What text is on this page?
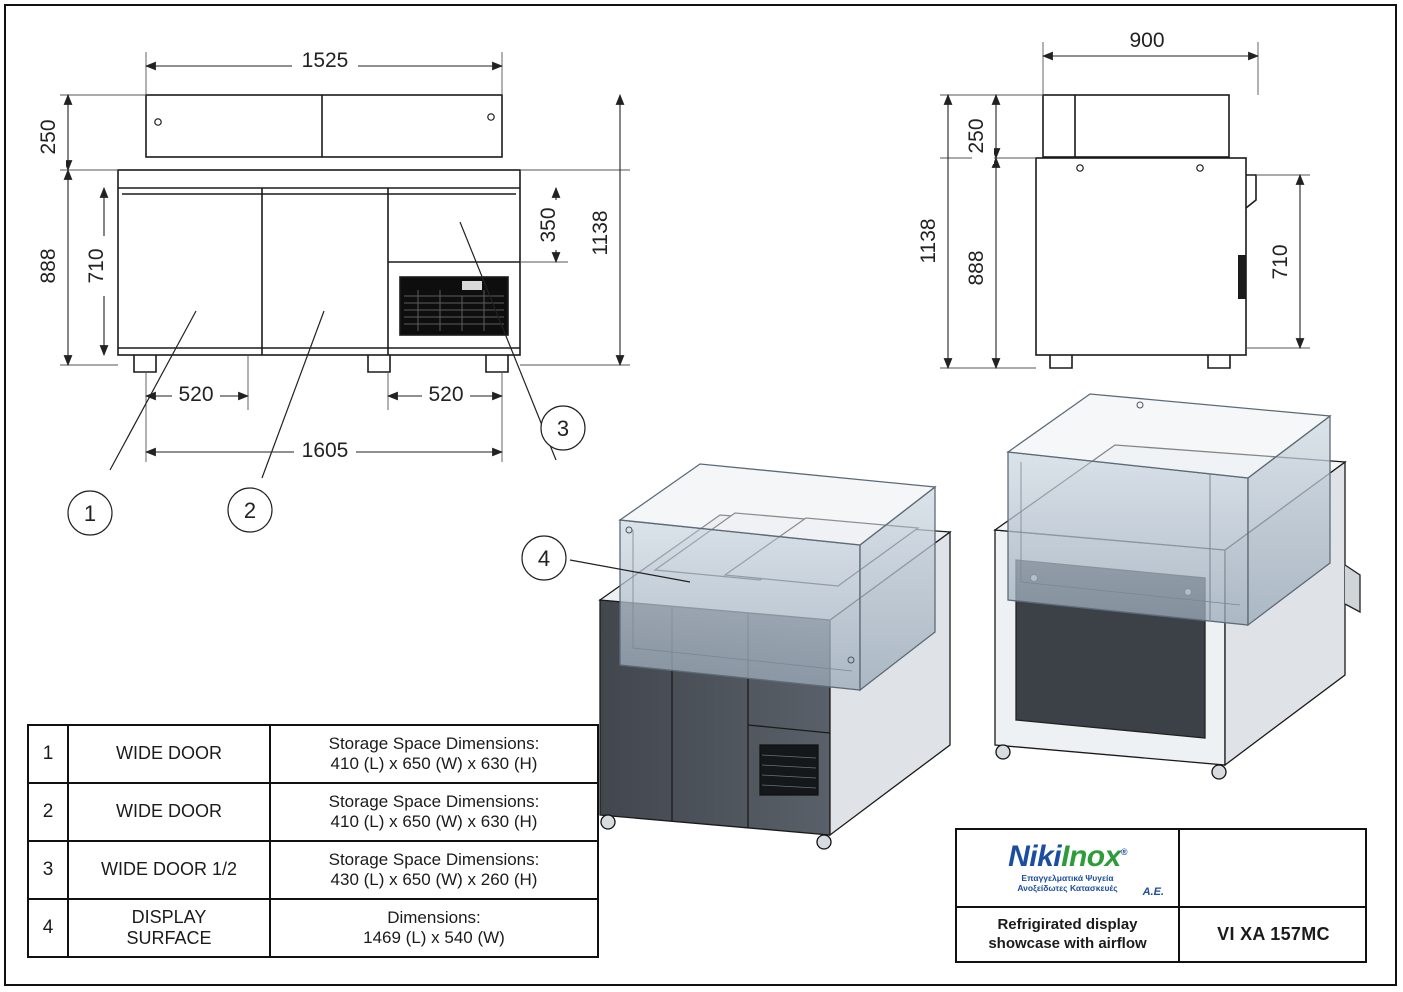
1525
250
888 710
1138
350
520	520
1605
900
250
888
1138	710
1	2
3
4
1	WIDE DOOR	Storage Space Dimensions:
410 (L) x 650 (W) x 630 (H)
2	WIDE DOOR	Storage Space Dimensions:
410 (L) x 650 (W) x 630 (H)
3	WIDE DOOR 1/2	Storage Space Dimensions:
430 (L) x 650 (W) x 260 (H)
4	DISPLAY
SURFACE	Dimensions:
1469 (L) x 540 (W)
NikiInox®
Επαγγελματικά Ψυγεία
Ανοξείδωτες Κατασκευές A.E.
Refrigirated display
showcase with airflow	VI XA 157MC
